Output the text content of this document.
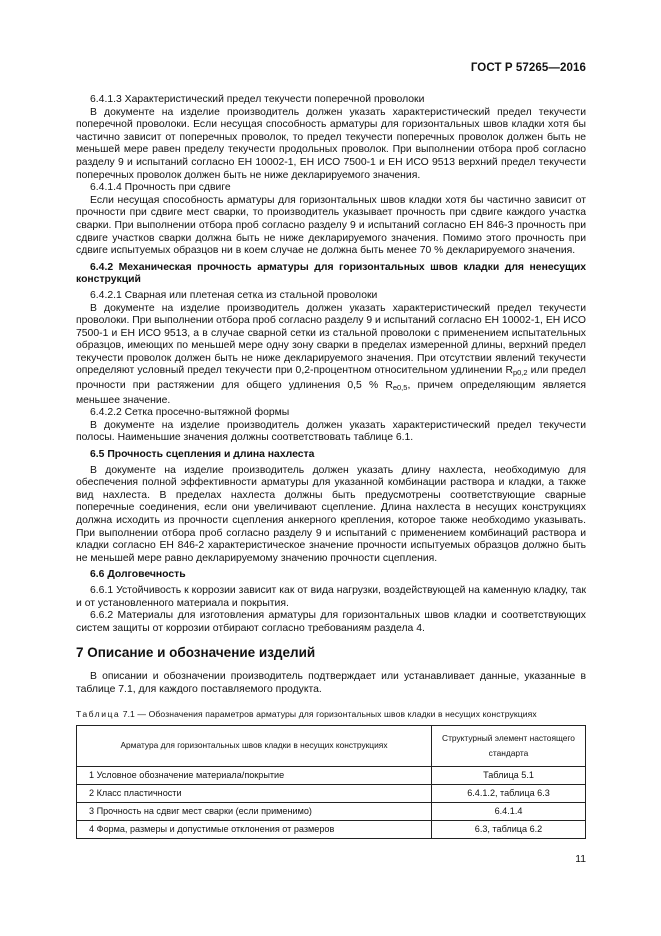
ГОСТ Р 57265—2016

6.4.1.3 Характеристический предел текучести поперечной проволоки

В документе на изделие производитель должен указать характеристический предел текучести поперечной проволоки. Если несущая способность арматуры для горизонтальных швов кладки хотя бы частично зависит от поперечных проволок, то предел текучести поперечных проволок должен быть не меньшей мере равен пределу текучести продольных проволок. При выполнении отбора проб согласно разделу 9 и испытаний согласно ЕН 10002-1, ЕН ИСО 7500-1 и ЕН ИСО 9513 верхний предел текучести поперечных проволок должен быть не ниже декларируемого значения.

6.4.1.4 Прочность при сдвиге

Если несущая способность арматуры для горизонтальных швов кладки хотя бы частично зависит от прочности при сдвиге мест сварки, то производитель указывает прочность при сдвиге каждого участка сварки. При выполнении отбора проб согласно разделу 9 и испытаний согласно ЕН 846-3 прочность при сдвиге участков сварки должна быть не ниже декларируемого значения. Помимо этого прочность при сдвиге испытуемых образцов ни в коем случае не должна быть менее 70 % декларируемого значения.

6.4.2 Механическая прочность арматуры для горизонтальных швов кладки для ненесущих конструкций

6.4.2.1 Сварная или плетеная сетка из стальной проволоки

В документе на изделие производитель должен указать характеристический предел текучести проволоки. При выполнении отбора проб согласно разделу 9 и испытаний согласно ЕН 10002-1, ЕН ИСО 7500-1 и ЕН ИСО 9513, а в случае сварной сетки из стальной проволоки с применением испытательных образцов, имеющих по меньшей мере одну зону сварки в пределах измеренной длины, верхний предел текучести проволок должен быть не ниже декларируемого значения. При отсутствии явлений текучести определяют условный предел текучести при 0,2-процентном относительном удлинении $R_{p0,2}$ или предел прочности при растяжении для общего удлинения 0,5 % $R_{e0,5}$, причем определяющим является меньшее значение.

6.4.2.2 Сетка просечно-вытяжной формы

В документе на изделие производитель должен указать характеристический предел текучести полосы. Наименьшие значения должны соответствовать таблице 6.1.

6.5 Прочность сцепления и длина нахлеста

В документе на изделие производитель должен указать длину нахлеста, необходимую для обеспечения полной эффективности арматуры для указанной комбинации раствора и кладки, а также вид нахлеста. В пределах нахлеста должны быть предусмотрены соответствующие сварные поперечные соединения, если они увеличивают сцепление. Длина нахлеста в несущих конструкциях должна исходить из прочности сцепления анкерного крепления, которое также необходимо указывать. При выполнении отбора проб согласно разделу 9 и испытаний с применением комбинаций раствора и кладки согласно ЕН 846-2 характеристическое значение прочности испытуемых образцов должно быть не меньшей мере равно декларируемому значению прочности сцепления.

6.6 Долговечность

6.6.1 Устойчивость к коррозии зависит как от вида нагрузки, воздействующей на каменную кладку, так и от установленного материала и покрытия.

6.6.2 Материалы для изготовления арматуры для горизонтальных швов кладки и соответствующих систем защиты от коррозии отбирают согласно требованиям раздела 4.

7 Описание и обозначение изделий

В описании и обозначении производитель подтверждает или устанавливает данные, указанные в таблице 7.1, для каждого поставляемого продукта.

Таблица 7.1 — Обозначения параметров арматуры для горизонтальных швов кладки в несущих конструкциях

Арматура для горизонтальных швов кладки в несущих конструкциях	Структурный элемент настоящего стандарта
1 Условное обозначение материала/покрытие	Таблица 5.1
2 Класс пластичности	6.4.1.2, таблица 6.3
3 Прочность на сдвиг мест сварки (если применимо)	6.4.1.4
4 Форма, размеры и допустимые отклонения от размеров	6.3, таблица 6.2
11
